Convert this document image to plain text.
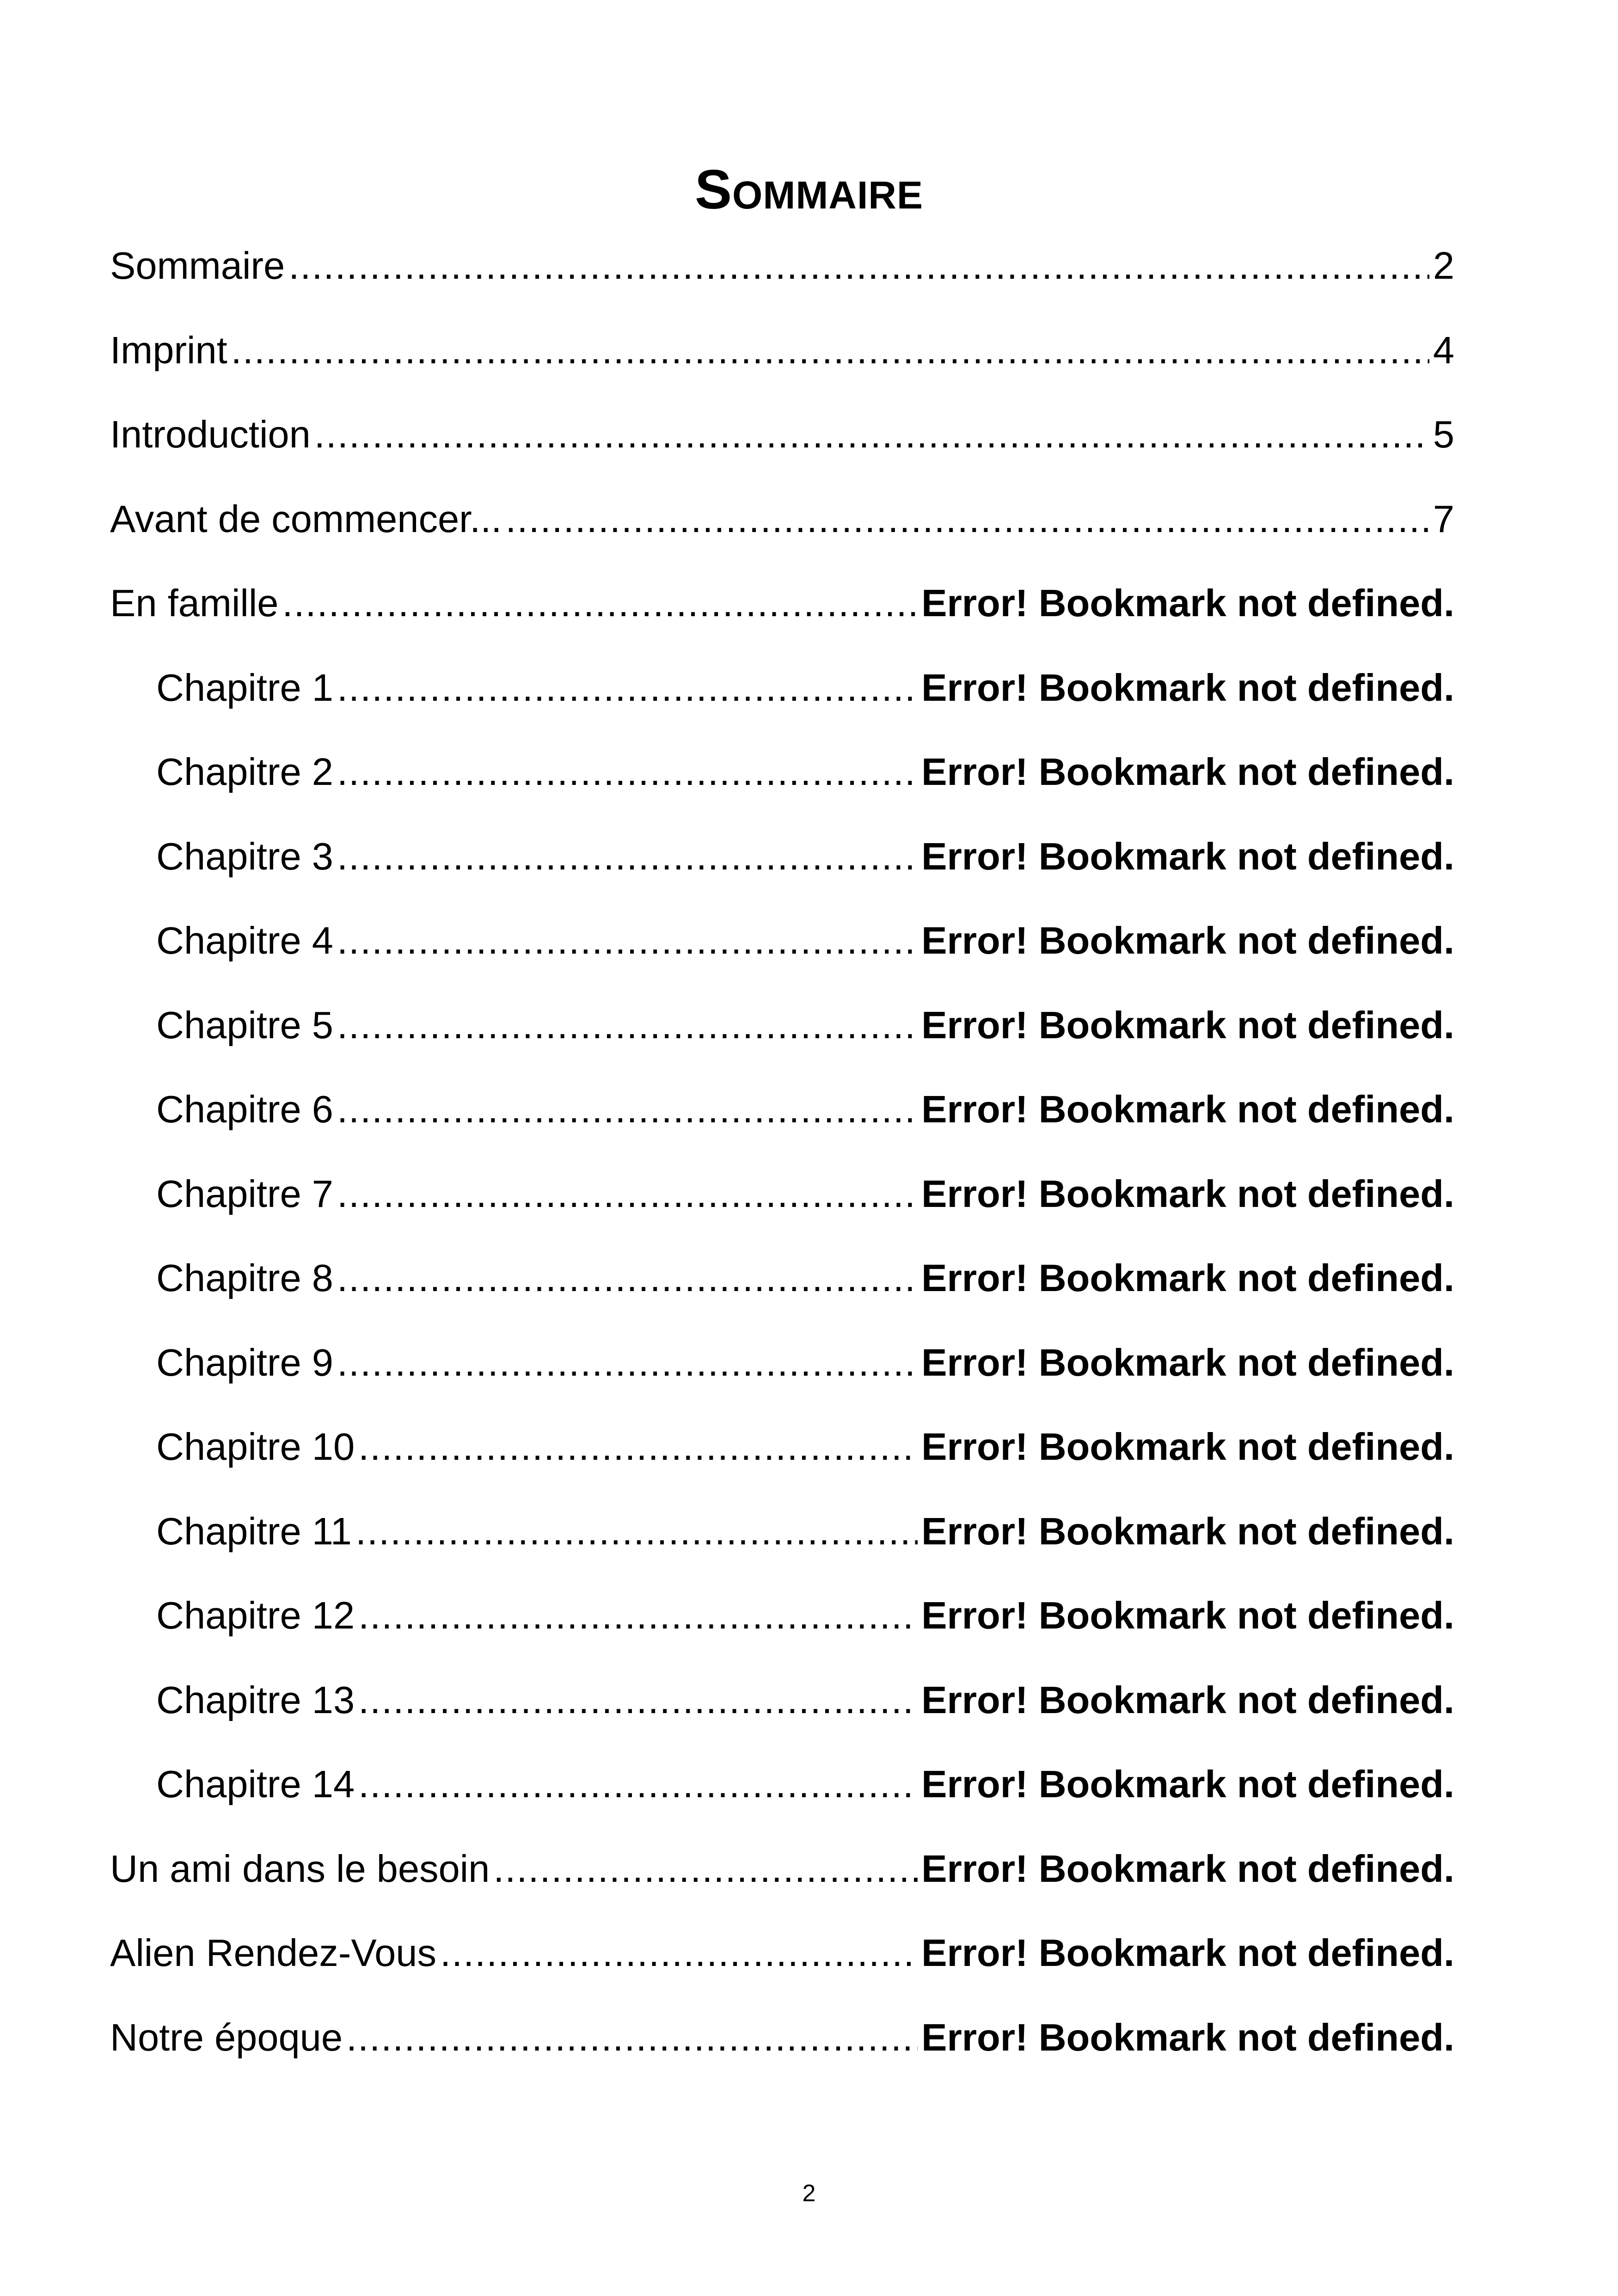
Sommaire
Sommaire .....	2
Imprint .....	4
Introduction .....	5
Avant de commencer... .....	7
En famille .....	Error! Bookmark not defined.
Chapitre 1 .....	Error! Bookmark not defined.
Chapitre 2 .....	Error! Bookmark not defined.
Chapitre 3 .....	Error! Bookmark not defined.
Chapitre 4 .....	Error! Bookmark not defined.
Chapitre 5 .....	Error! Bookmark not defined.
Chapitre 6 .....	Error! Bookmark not defined.
Chapitre 7 .....	Error! Bookmark not defined.
Chapitre 8 .....	Error! Bookmark not defined.
Chapitre 9 .....	Error! Bookmark not defined.
Chapitre 10 .....	Error! Bookmark not defined.
Chapitre 11 .....	Error! Bookmark not defined.
Chapitre 12 .....	Error! Bookmark not defined.
Chapitre 13 .....	Error! Bookmark not defined.
Chapitre 14 .....	Error! Bookmark not defined.
Un ami dans le besoin .....	Error! Bookmark not defined.
Alien Rendez-Vous .....	Error! Bookmark not defined.
Notre époque .....	Error! Bookmark not defined.
2
